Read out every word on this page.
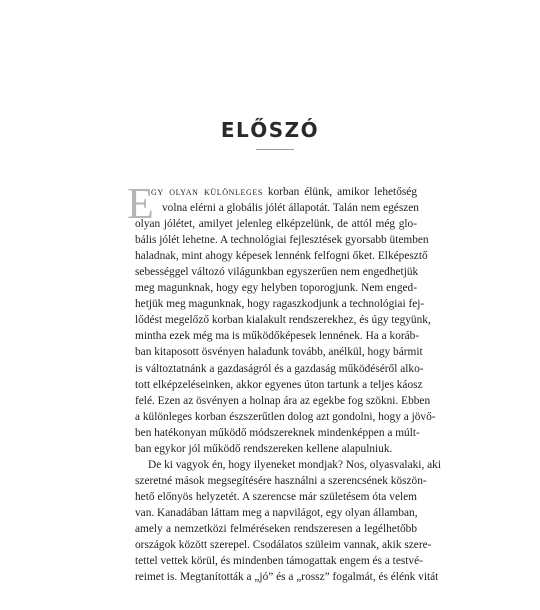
ELŐSZÓ
E
gy olyan különleges korban élünk, amikor lehetőség
volna elérni a globális jólét állapotát. Talán nem egészen
olyan jólétet, amilyet jelenleg elképzelünk, de attól még glo-
bális jólét lehetne. A technológiai fejlesztések gyorsabb ütemben
haladnak, mint ahogy képesek lennénk felfogni őket. Elképesztő
sebességgel változó világunkban egyszerűen nem engedhetjük
meg magunknak, hogy egy helyben toporogjunk. Nem enged-
hetjük meg magunknak, hogy ragaszkodjunk a technológiai fej-
lődést megelőző korban kialakult rendszerekhez, és úgy tegyünk,
mintha ezek még ma is működőképesek lennének. Ha a koráb-
ban kitaposott ösvényen haladunk tovább, anélkül, hogy bármit
is változtatnánk a gazdaságról és a gazdaság működéséről alko-
tott elképzeléseinken, akkor egyenes úton tartunk a teljes káosz
felé. Ezen az ösvényen a holnap ára az egekbe fog szökni. Ebben
a különleges korban észszerűtlen dolog azt gondolni, hogy a jövő-
ben hatékonyan működő módszereknek mindenképpen a múlt-
ban egykor jól működő rendszereken kellene alapulniuk.
De ki vagyok én, hogy ilyeneket mondjak? Nos, olyasvalaki, aki
szeretné mások megsegítésére használni a szerencsének köszön-
hető előnyös helyzetét. A szerencse már születésem óta velem
van. Kanadában láttam meg a napvilágot, egy olyan államban,
amely a nemzetközi felméréseken rendszeresen a legélhetőbb
országok között szerepel. Csodálatos szüleim vannak, akik szere-
tettel vettek körül, és mindenben támogattak engem és a testvé-
reimet is. Megtanították a „jó” és a „rossz” fogalmát, és élénk vitát
